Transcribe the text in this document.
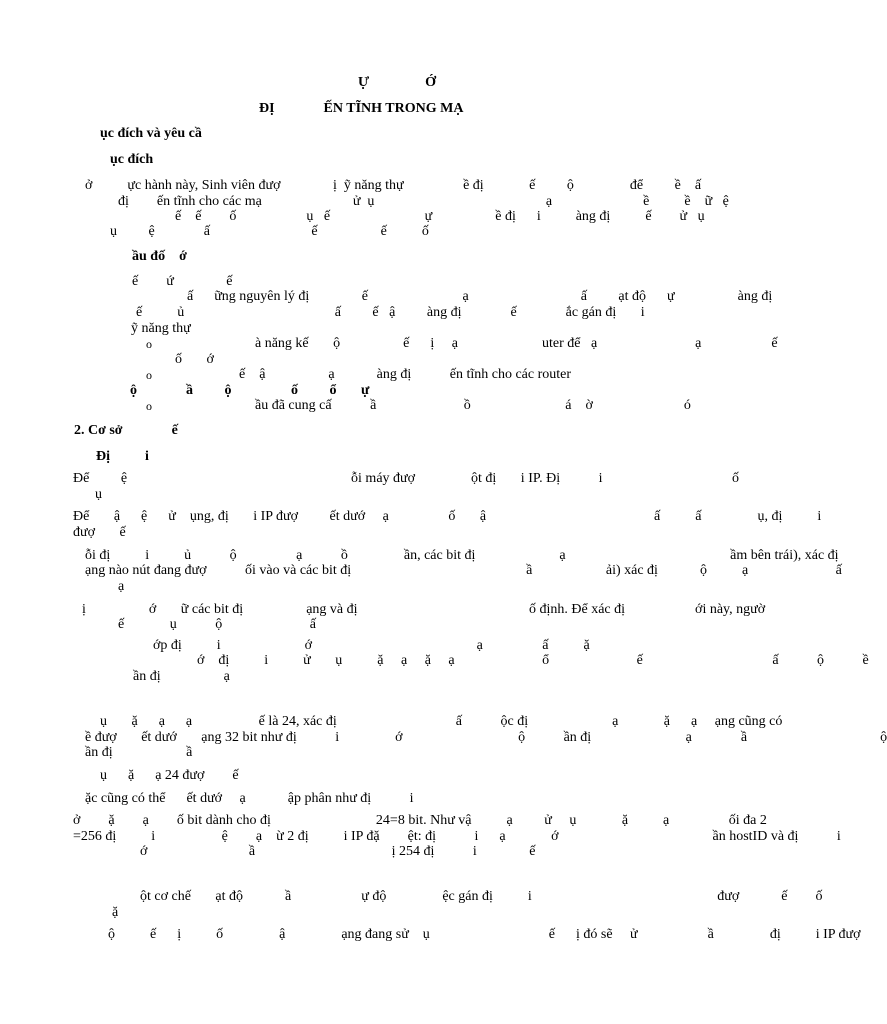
Ự                Ớ
ĐỊ              ẾN TĨNH TRONG MẠ
ục đích và yêu cầ
ục đích
ở          ực hành này, Sinh viên đượ               ị  ỹ năng thự                 ề đị             ế         ộ                để         ề    ấ
đị        ến tĩnh cho các mạ                          ử  ụ                                                 ạ                          ề          ề    ữ   ệ
ế    ế        ố                    ụ   ế                           ự                  ề đị      i          àng đị          ế        ử   ụ
ụ         ệ              ấ                             ế                  ế          ố
ầu đố    ớ
ế        ứ               ế
ấ      ững nguyên lý đị               ế                           ạ                                ấ         ạt độ      ự                  àng đị
ế          ủ                                           ấ         ế   ậ         àng đị              ế              ắc gán đị       i
ỹ năng thự
o	à năng kế       ộ                  ế      ị     ạ                        uter để   ạ                            ạ                    ế
ố       ớ
o	ế    ậ                  ạ            àng đị           ến tĩnh cho các router
ộ              ầ         ộ                 ố         ổ       ự
o	ầu đã cung cấ           ầ                         ồ                           á    ờ                          ó
2. Cơ sở              ế
Đị          i
Để         ệ                                                                ỗi máy đượ                ột đị       i IP. Đị           i                                     ố
ụ
Để       ậ      ệ      ử    ụng, đị       i IP đượ         ết dướ     ạ                 ố       ậ                                                ấ          ấ                ụ, đị          i
đượ       ế
ỗi đị          i          ủ           ộ                 ạ           ồ                ần, các bit đị                        ạ                                               ầm bên trái), xác đị
ạng nào nút đang đượ           ối vào và các bit đị                                                  ầ                     ải) xác đị            ộ          ạ                         ấ
ạ
ị                  ớ       ữ các bit đị                  ạng và đị                                                 ố định. Để xác đị                    ới này, ngườ
ế             ụ           ộ                         ấ
ớp đị          i                        ớ                                               ạ                 ấ          ặ
ớ    đị          i          ử       ụ          ặ     ạ     ặ     ạ                         ổ                         ế                                     ấ           ộ           ề
ần đị                  ạ
ụ       ặ      ạ      ạ                   ế là 24, xác đị                                  ấ           ộc đị                        ạ             ặ      ạ     ạng cũng có
ề đượ       ết dướ       ạng 32 bit như đị           i                ớ                                 ộ           ần đị                           ạ              ầ                                      ộ
ần đị                     ầ
ụ      ặ      ạ 24 đượ        ế
ặc cũng có thể      ết dướ     ạ            ập phân như đị           i
ở        ặ        ạ        ố bit dành cho đị                              24=8 bit. Như vậ          ạ         ử     ụ             ặ          ạ                 ối đa 2
=256 đị          i                   ệ        ạ    ừ 2 đị          i IP đặ        ệt: đị           i      ạ             ớ                                            ần hostID và đị           i
ớ                             ầ                                       ị 254 đị           i               ế
ột cơ chế       ạt độ            ầ                    ự độ                ệc gán đị          i                                                     đượ            ế        ố
ặ
ộ          ế      ị          ố                ậ                ạng đang sử    ụ                                  ế      ị đó sẽ     ử                    ầ                đị          i IP đượ
